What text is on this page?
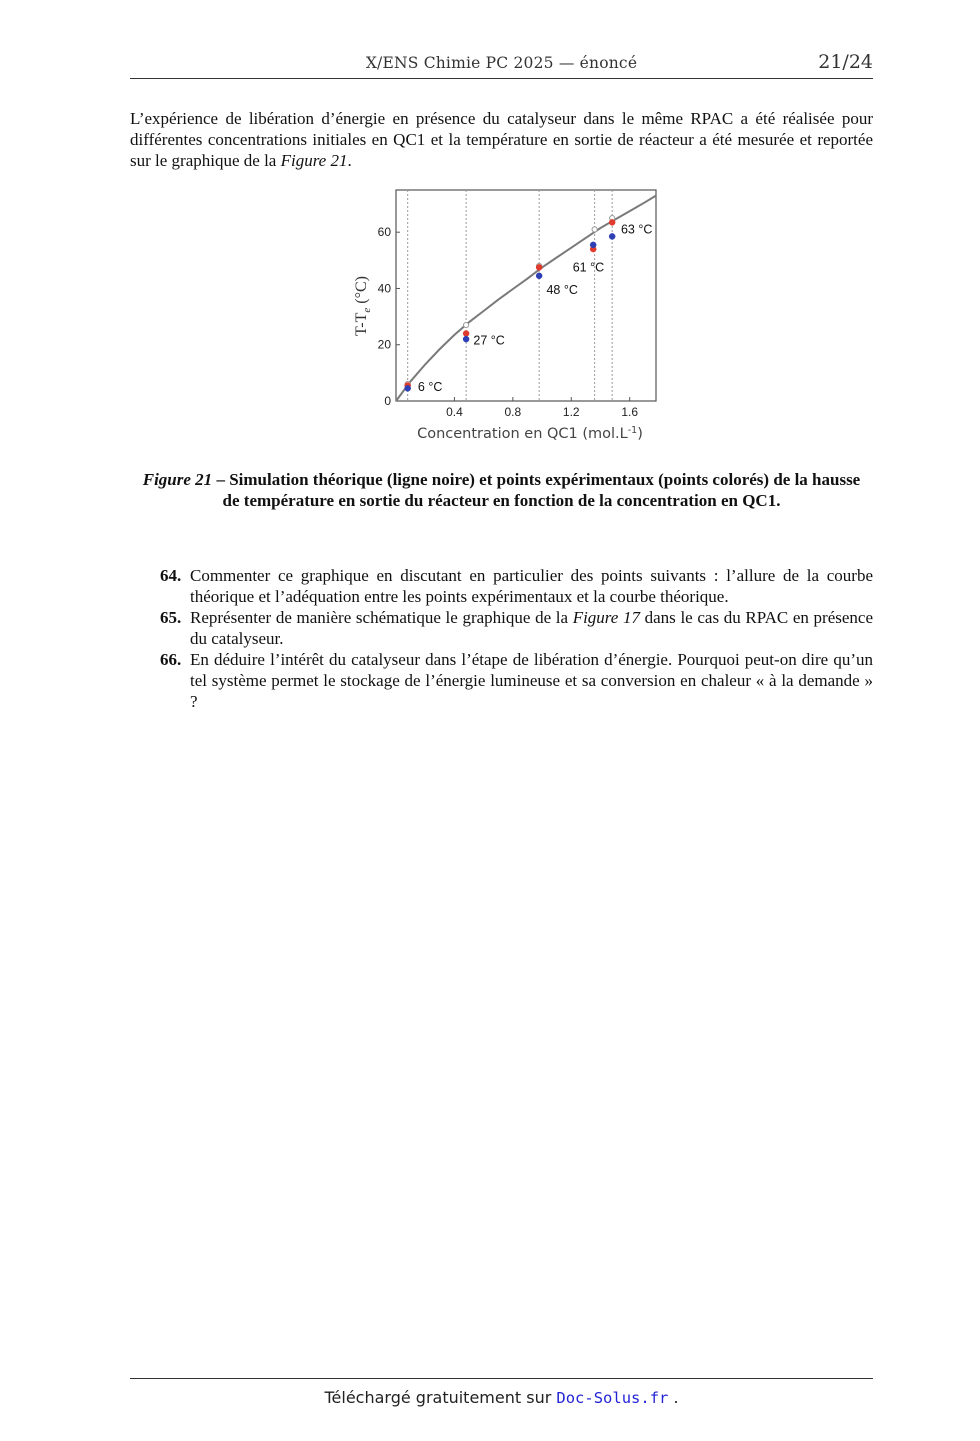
X/ENS Chimie PC 2025 — énoncé	21/24
L’expérience de libération d’énergie en présence du catalyseur dans le même RPAC a été réalisée pour différentes concentrations initiales en QC1 et la température en sortie de réacteur a été mesurée et reportée sur le graphique de la Figure 21.
0.4	0.8	1.2	1.6
0
20
40
60
6 °C
27 °C
48 °C
61 °C
63 °C
$T-T_e$ (°C)
Concentration en QC1 $(mol.L^{-1})$
Figure 21 – Simulation théorique (ligne noire) et points expérimentaux (points colorés) de la hausse de température en sortie du réacteur en fonction de la concentration en QC1.
64. Commenter ce graphique en discutant en particulier des points suivants : l’allure de la courbe théorique et l’adéquation entre les points expérimentaux et la courbe théorique.
65. Représenter de manière schématique le graphique de la Figure 17 dans le cas du RPAC en présence du catalyseur.
66. En déduire l’intérêt du catalyseur dans l’étape de libération d’énergie. Pourquoi peut-on dire qu’un tel système permet le stockage de l’énergie lumineuse et sa conversion en chaleur « à la demande » ?
Téléchargé gratuitement sur Doc-Solus.fr .
